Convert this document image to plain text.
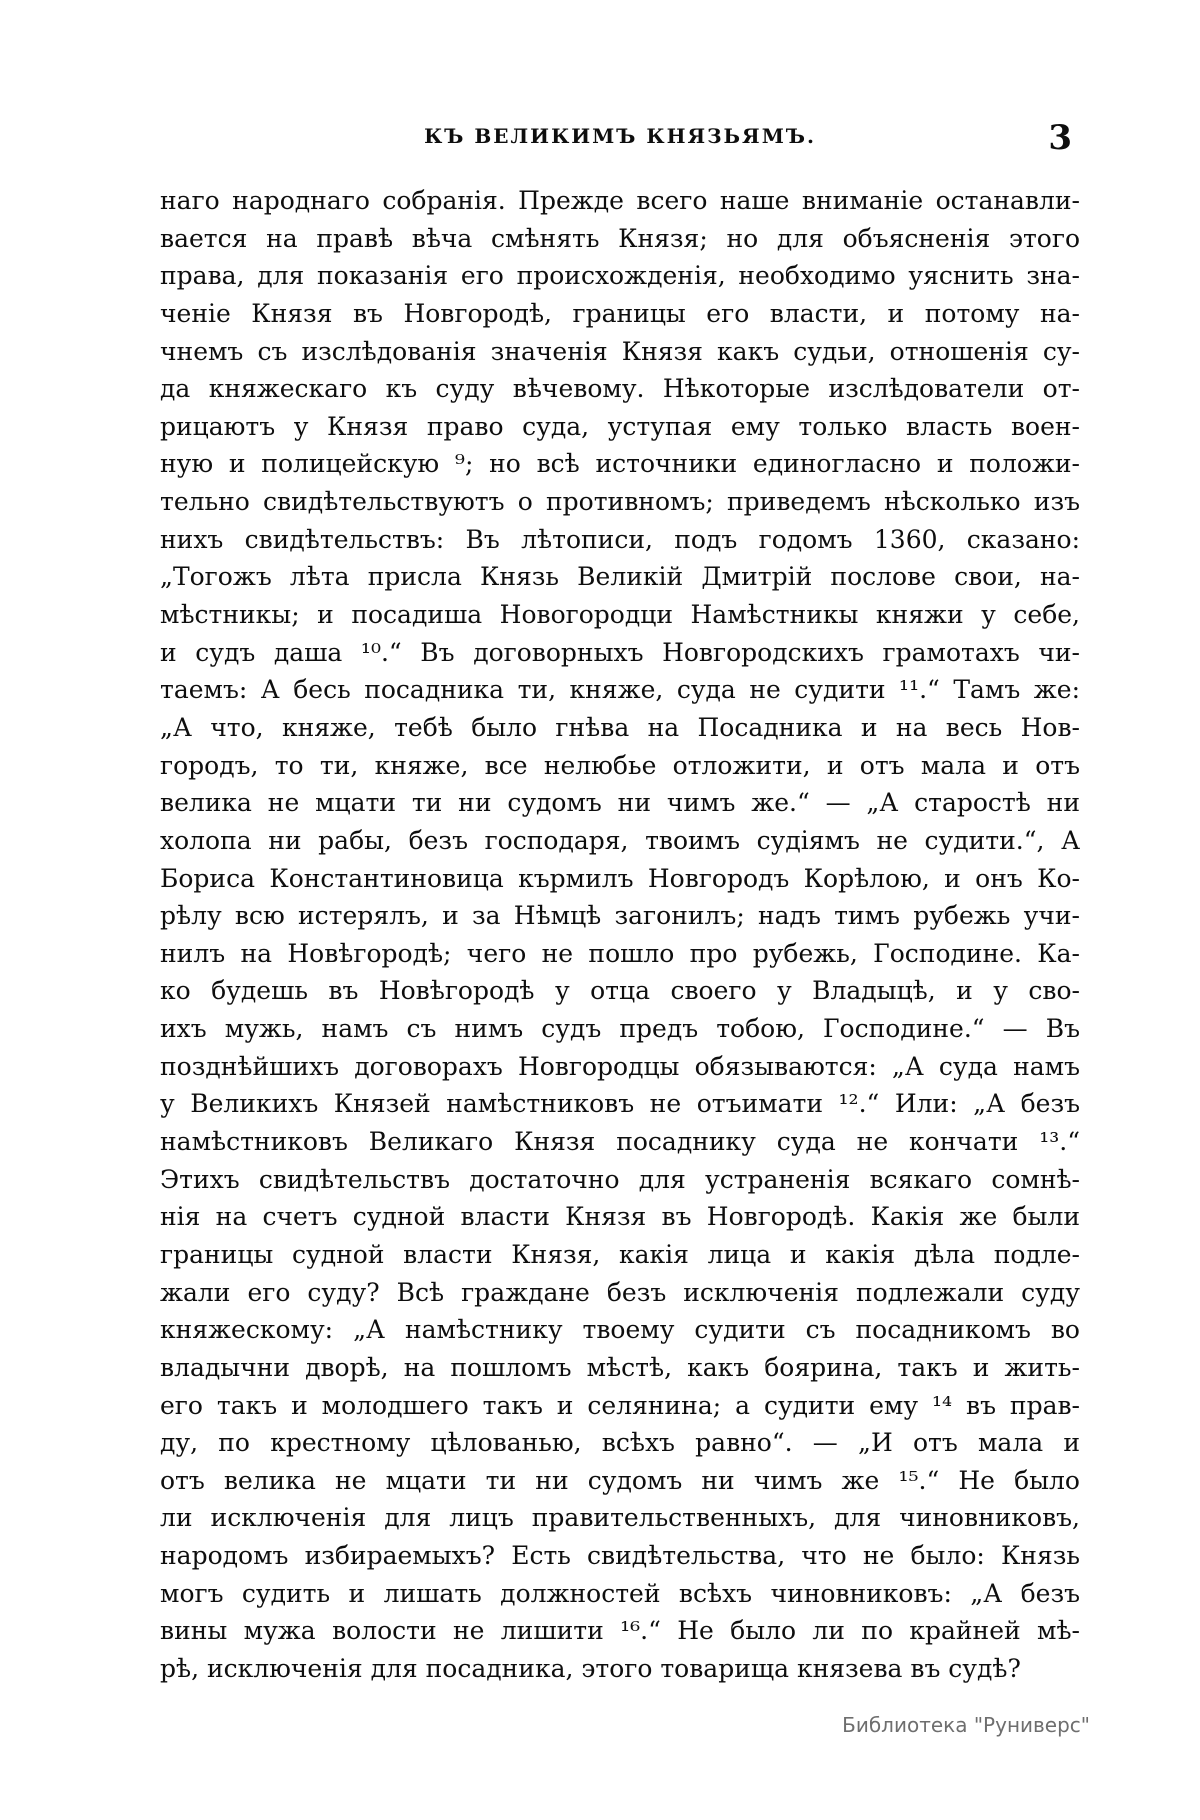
КЪ ВЕЛИКИМЪ КНЯЗЬЯМЪ.	3
наго народнаго собранія. Прежде всего наше вниманіе останавли-
вается на правѣ вѣча смѣнять Князя; но для объясненія этого
права, для показанія его происхожденія, необходимо уяснить зна-
ченіе Князя въ Новгородѣ, границы его власти, и потому на-
чнемъ съ изслѣдованія значенія Князя какъ судьи, отношенія су-
да княжескаго къ суду вѣчевому. Нѣкоторые изслѣдователи от-
рицаютъ у Князя право суда, уступая ему только власть воен-
ную и полицейскую ⁹; но всѣ источники единогласно и положи-
тельно свидѣтельствуютъ о противномъ; приведемъ нѣсколько изъ
нихъ свидѣтельствъ: Въ лѣтописи, подъ годомъ 1360, сказано:
„Тогожъ лѣта присла Князь Великій Дмитрій послове свои, на-
мѣстникы; и посадиша Новогородци Намѣстникы княжи у себе,
и судъ даша ¹⁰.“ Въ договорныхъ Новгородскихъ грамотахъ чи-
таемъ: А бесь посадника ти, княже, суда не судити ¹¹.“ Тамъ же:
„А что, княже, тебѣ было гнѣва на Посадника и на весь Нов-
городъ, то ти, княже, все нелюбье отложити, и отъ мала и отъ
велика не мцати ти ни судомъ ни чимъ же.“ — „А старостѣ ни
холопа ни рабы, безъ господаря, твоимъ судіямъ не судити.“, А
Бориса Константиновица кърмилъ Новгородъ Корѣлою, и онъ Ко-
рѣлу всю истерялъ, и за Нѣмцѣ загонилъ; надъ тимъ рубежь учи-
нилъ на Новѣгородѣ; чего не пошло про рубежь, Господине. Ка-
ко будешь въ Новѣгородѣ у отца своего у Владыцѣ, и у сво-
ихъ мужь, намъ съ нимъ судъ предъ тобою, Господине.“ — Въ
позднѣйшихъ договорахъ Новгородцы обязываются: „А суда намъ
у Великихъ Князей намѣстниковъ не отъимати ¹².“ Или: „А безъ
намѣстниковъ Великаго Князя посаднику суда не кончати ¹³.“
Этихъ свидѣтельствъ достаточно для устраненія всякаго сомнѣ-
нія на счетъ судной власти Князя въ Новгородѣ. Какія же были
границы судной власти Князя, какія лица и какія дѣла подле-
жали его суду? Всѣ граждане безъ исключенія подлежали суду
княжескому: „А намѣстнику твоему судити съ посадникомъ во
владычни дворѣ, на пошломъ мѣстѣ, какъ боярина, такъ и жить-
его такъ и молодшего такъ и селянина; а судити ему ¹⁴ въ прав-
ду, по крестному цѣлованью, всѣхъ равно“. — „И отъ мала и
отъ велика не мцати ти ни судомъ ни чимъ же ¹⁵.“ Не было
ли исключенія для лицъ правительственныхъ, для чиновниковъ,
народомъ избираемыхъ? Есть свидѣтельства, что не было: Князь
могъ судить и лишать должностей всѣхъ чиновниковъ: „А безъ
вины мужа волости не лишити ¹⁶.“ Не было ли по крайней мѣ-
рѣ, исключенія для посадника, этого товарища князева въ судѣ?
Библиотека "Руниверс"
